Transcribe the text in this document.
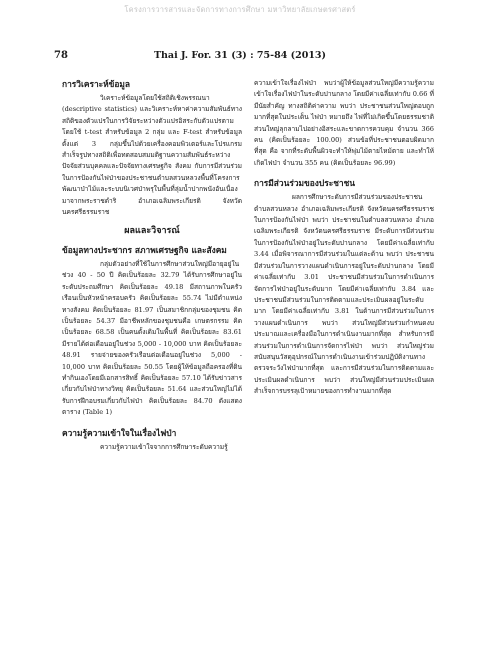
โครงการวารสารและจัดการทางการศึกษา มหาวิทยาลัยเกษตรศาสตร์
78	Thai J. For. 31 (3) : 75-84 (2013)
การวิเคราะห์ข้อมูล

วิเคราะห์ข้อมูลโดยใช้สถิติเชิงพรรณนา (descriptive statistics) และวิเคราะห์หาค่าความสัมพันธ์ทางสถิติของตัวแปรในการวิจัยระหว่างตัวแปรอิสระกับตัวแปรตาม โดยใช้ t-test สำหรับข้อมูล 2 กลุ่ม และ F-test สำหรับข้อมูลตั้งแต่ 3 กลุ่มขึ้นไปด้วยเครื่องคอมพิวเตอร์และโปรแกรมสำเร็จรูปทางสถิติเพื่อทดสอบสมมติฐานความสัมพันธ์ระหว่างปัจจัยส่วนบุคคลและปัจจัยทางเศรษฐกิจ สังคม กับการมีส่วนร่วมในการป้องกันไฟป่าของประชาชนตำบลสวนหลวงพื้นที่โครงการพัฒนาป่าไม้และระบบนิเวศป่าพรุในพื้นที่ลุ่มน้ำปากพนังอันเนื่องมาจากพระราชดำริ อำเภอเฉลิมพระเกียรติ จังหวัดนครศรีธรรมราช

ผลและวิจารณ์
ข้อมูลทางประชากร สภาพเศรษฐกิจ และสังคม

กลุ่มตัวอย่างที่ใช้ในการศึกษาส่วนใหญ่มีอายุอยู่ในช่วง 40 - 50 ปี คิดเป็นร้อยละ 32.79 ได้รับการศึกษาอยู่ในระดับประถมศึกษา คิดเป็นร้อยละ 49.18 มีสถานภาพในครัวเรือนเป็นหัวหน้าครอบครัว คิดเป็นร้อยละ 55.74 ไม่มีตำแหน่งทางสังคม คิดเป็นร้อยละ 81.97 เป็นสมาชิกกลุ่มของชุมชน คิดเป็นร้อยละ 54.37 มีอาชีพหลักของชุมชนคือ เกษตรกรรม คิดเป็นร้อยละ 68.58 เป็นคนดั้งเดิมในพื้นที่ คิดเป็นร้อยละ 83.61 มีรายได้ต่อเดือนอยู่ในช่วง 5,000 - 10,000 บาท คิดเป็นร้อยละ 48.91 รายจ่ายของครัวเรือนต่อเดือนอยู่ในช่วง 5,000 - 10,000 บาท คิดเป็นร้อยละ 50.55 โดยผู้ให้ข้อมูลถือครองที่ดินทำกินเองโดยมีเอกสารสิทธิ์ คิดเป็นร้อยละ 57.10 ได้รับข่าวสารเกี่ยวกับไฟป่าทางวิทยุ คิดเป็นร้อยละ 51.64 และส่วนใหญ่ไม่ได้รับการฝึกอบรมเกี่ยวกับไฟป่า คิดเป็นร้อยละ 84.70 ดังแสดงตาราง (Table 1)

ความรู้ความเข้าใจในเรื่องไฟป่า

ความรู้ความเข้าใจจากการศึกษาระดับความรู้

ความเข้าใจเรื่องไฟป่า พบว่าผู้ให้ข้อมูลส่วนใหญ่มีความรู้ความเข้าใจเรื่องไฟป่าในระดับปานกลาง โดยมีค่าเฉลี่ยเท่ากับ 0.66 ที่มีนัยสำคัญ ทางสถิติค่าความ พบว่า ประชาชนส่วนใหญ่ตอบถูกมากที่สุดในประเด็น ไฟป่า หมายถึง ไฟที่ไม่เกิดขึ้นโดยธรรมชาติ ส่วนใหญ่ลุกลามไปอย่างอิสระและขาดการควบคุม จำนวน 366 คน (คิดเป็นร้อยละ 100.00) ส่วนข้อที่ประชาชนตอบผิดมากที่สุด คือ จากที่ระดับพื้นผิวจะทำให้พุ่มไม้ตายไหม้ตาย และทำให้เกิดไฟป่า จำนวน 355 คน (คิดเป็นร้อยละ 96.99)

การมีส่วนร่วมของประชาชน

ผลการศึกษาระดับการมีส่วนร่วมของประชาชนตำบลสวนหลวง อำเภอเฉลิมพระเกียรติ จังหวัดนครศรีธรรมราช ในการป้องกันไฟป่า พบว่า ประชาชนในตำบลสวนหลวง อำเภอเฉลิมพระเกียรติ จังหวัดนครศรีธรรมราช มีระดับการมีส่วนร่วมในการป้องกันไฟป่าอยู่ในระดับปานกลาง โดยมีค่าเฉลี่ยเท่ากับ 3.44 เมื่อพิจารณาการมีส่วนร่วมในแต่ละด้าน พบว่า ประชาชนมีส่วนร่วมในการวางแผนดำเนินการอยู่ในระดับปานกลาง โดยมีค่าเฉลี่ยเท่ากับ 3.01 ประชาชนมีส่วนร่วมในการดำเนินการจัดการไฟป่าอยู่ในระดับมาก โดยมีค่าเฉลี่ยเท่ากับ 3.84 และประชาชนมีส่วนร่วมในการติดตามและประเมินผลอยู่ในระดับมาก โดยมีค่าเฉลี่ยเท่ากับ 3.81 ในด้านการมีส่วนร่วมในการวางแผนดำเนินการ พบว่า ส่วนใหญ่มีส่วนร่วมกำหนดงบประมาณและเครื่องมือในการดำเนินงานมากที่สุด สำหรับการมีส่วนร่วมในการดำเนินการจัดการไฟป่า พบว่า ส่วนใหญ่ร่วมสนับสนุนวัสดุอุปกรณ์ในการดำเนินงานเข้าร่วมปฏิบัติงานทางตรวจระวังไฟป่ามากที่สุด และการมีส่วนร่วมในการติดตามและประเมินผลดำเนินการ พบว่า ส่วนใหญ่มีส่วนร่วมประเมินผลสำเร็จการบรรลุเป้าหมายของการทำงานมากที่สุด
